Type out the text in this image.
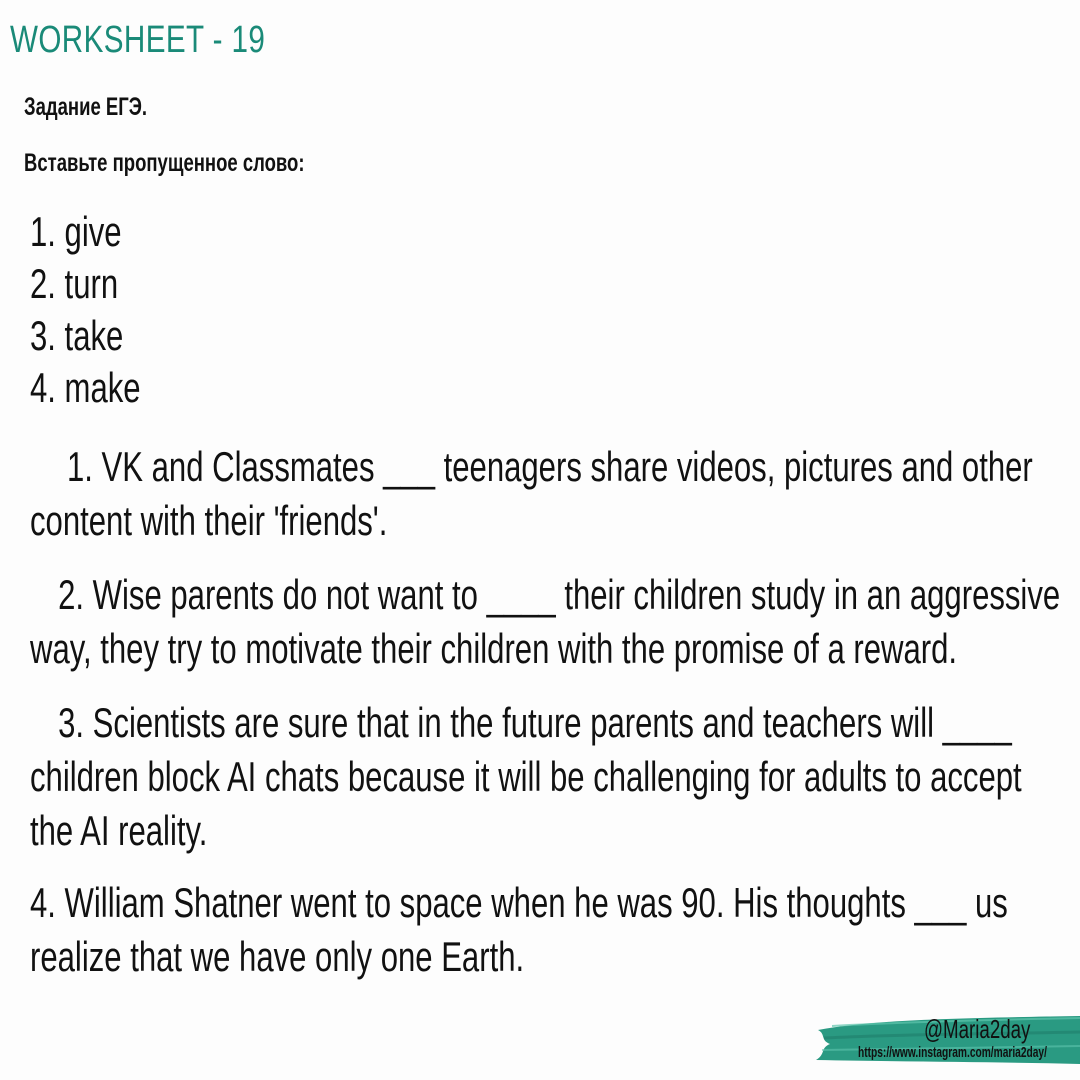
WORKSHEET - 19
Задание ЕГЭ.
Вставьте пропущенное слово:
1. give
2. turn
3. take
4. make

1. VK and Classmates ___ teenagers share videos, pictures and other content with their 'friends'.

2. Wise parents do not want to ____ their children study in an aggressive way, they try to motivate their children with the promise of a reward.

3. Scientists are sure that in the future parents and teachers will ____ children block AI chats because it will be challenging for adults to accept the AI reality.

4. William Shatner went to space when he was 90. His thoughts ___ us realize that we have only one Earth.

@Maria2day
https://www.instagram.com/maria2day/
